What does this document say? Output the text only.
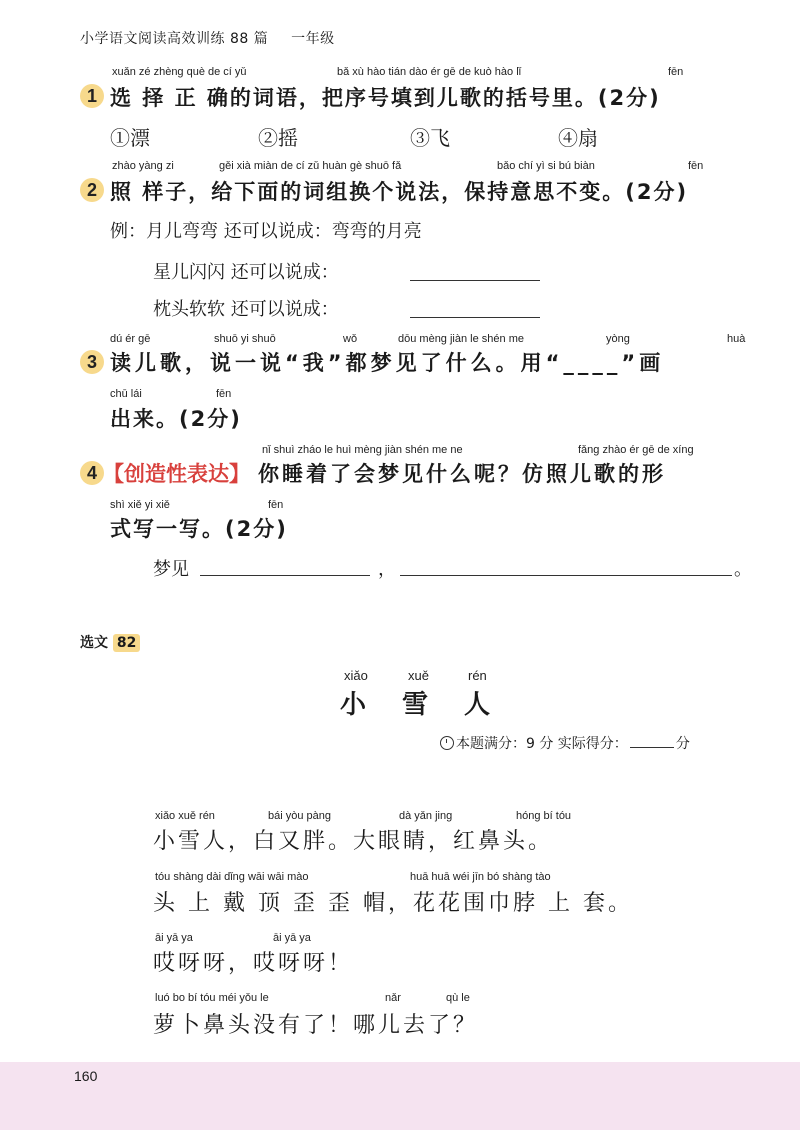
小学语文阅读高效训练 88 篇 一年级
xuǎn zé zhèng què de cí yǔ	bǎ xù hào tián dào ér gē de kuò hào lǐ	fēn
1 选 择 正 确的词语，把序号填到儿歌的括号里。(2分)
①漂	②摇	③飞	④扇
zhào yàng zi	gěi xià miàn de cí zǔ huàn gè shuō fǎ	bǎo chí yì si bú biàn	fēn
2 照 样子，给下面的词组换个说法，保持意思不变。(2分)
例：月儿弯弯 还可以说成：弯弯的月亮
星儿闪闪 还可以说成：
枕头软软 还可以说成：
dú ér gē	shuō yi shuō	wǒ	dōu mèng jiàn le shén me	yòng	huà
3 读儿歌，说一说“我”都梦见了什么。用“____”画
chū lái	fēn
出来。(2分)
nǐ shuì zháo le huì mèng jiàn shén me ne	fǎng zhào ér gē de xíng
4 【创造性表达】 你睡着了会梦见什么呢？仿照儿歌的形
shì xiě yi xiě	fēn
式写一写。(2分)
梦见	，	。
选文 82
xiǎo	xuě	rén
小 雪 人
本题满分：9 分 实际得分：	分
xiǎo xuě rén	bái yòu pàng	dà yǎn jing	hóng bí tóu
小雪人，白又胖。大眼睛，红鼻头。
tóu shàng dài dǐng wāi wāi mào	huā huā wéi jīn bó shàng tào
头 上 戴 顶 歪 歪 帽，花花围巾脖 上 套。
āi yā ya	āi yā ya
哎呀呀，哎呀呀！
luó bo bí tóu méi yǒu le	nǎr	qù le
萝卜鼻头没有了！哪儿去了？
160
